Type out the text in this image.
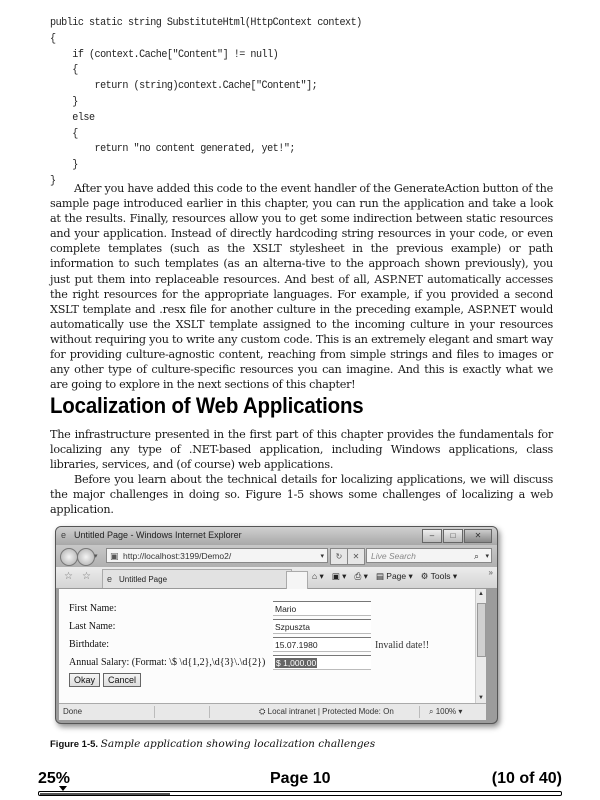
public static string SubstituteHtml(HttpContext context)
{
if (context.Cache["Content"] != null)
{
return (string)context.Cache["Content"];
}
else
{
return "no content generated, yet!";
}
}

After you have added this code to the event handler of the GenerateAction button of the sample page introduced earlier in this chapter, you can run the application and take a look at the results. Finally, resources allow you to get some indirection between static resources and your application. Instead of directly hardcoding string resources in your code, or even complete templates (such as the XSLT stylesheet in the previous example) or path information to such templates (as an alterna-tive to the approach shown previously), you just put them into replaceable resources. And best of all, ASP.NET automatically accesses the right resources for the appropriate languages. For example, if you provided a second XSLT template and .resx file for another culture in the preceding example, ASP.NET would automatically use the XSLT template assigned to the incoming culture in your resources without requiring you to write any custom code. This is an extremely elegant and smart way for providing culture-agnostic content, reaching from simple strings and files to images or any other type of culture-specific resources you can imagine. And this is exactly what we are going to explore in the next sections of this chapter!

Localization of Web Applications

The infrastructure presented in the first part of this chapter provides the fundamentals for localizing any type of .NET-based application, including Windows applications, class libraries, services, and (of course) web applications.

Before you learn about the technical details for localizing applications, we will discuss the major challenges in doing so. Figure 1-5 shows some challenges of localizing a web application.

e Untitled Page - Windows Internet Explorer	–	□	✕
▾ ▣ http://localhost:3199/Demo2/	▾	↻	✕	Live Search	⌕ ▾
☆ ☆ e Untitled Page	⌂ ▾ ▣ ▾ ⎙ ▾ ▤ Page ▾ ⚙ Tools ▾	»
First Name:	Mario
Last Name:	Szpuszta
Birthdate:	15.07.1980	Invalid date!!
Annual Salary: (Format: \$ \d{1,2},\d{3}\.\d{2})	$ 1,000.00
Okay Cancel
▲
▼
Done	⛭ Local intranet | Protected Mode: On	⌕ 100% ▾
Figure 1-5. Sample application showing localization challenges
25%	Page 10	(10 of 40)
